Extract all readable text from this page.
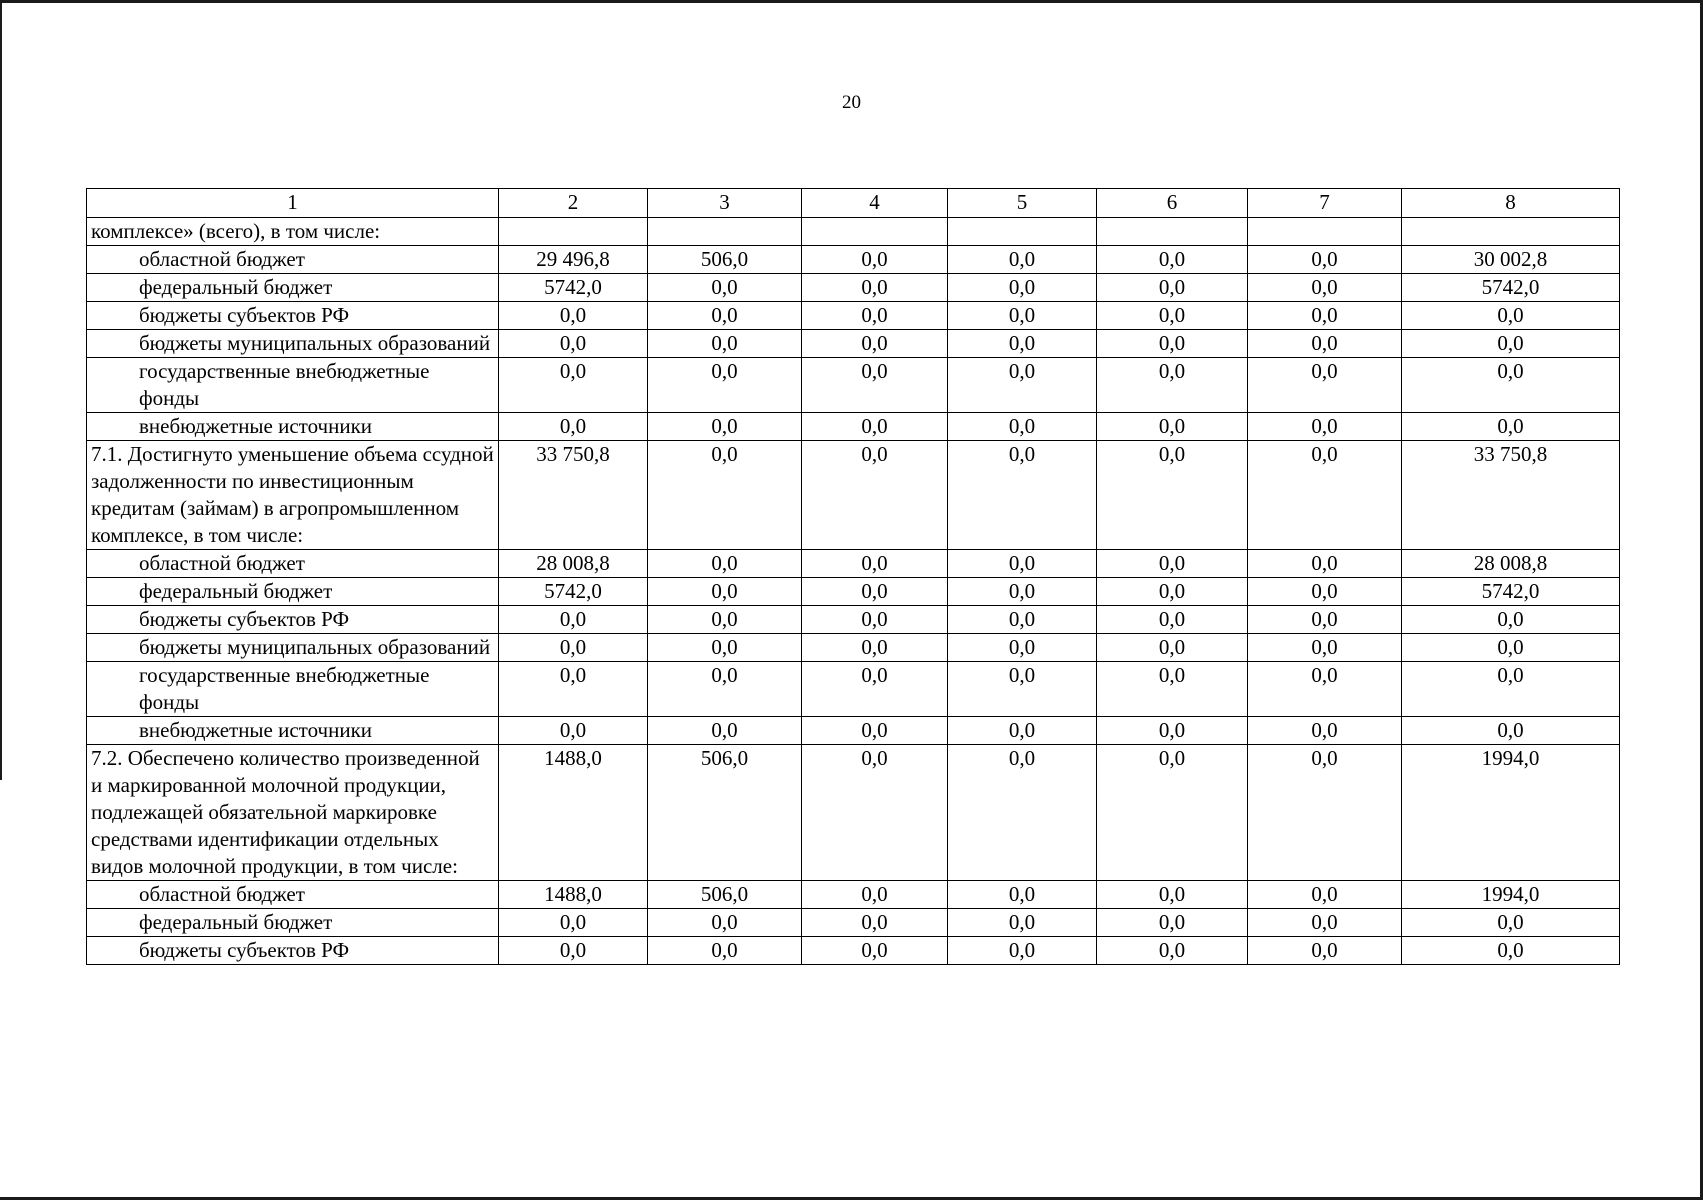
20
1	2	3	4	5	6	7	8
комплексе» (всего), в том числе:							
областной бюджет	29 496,8	506,0	0,0	0,0	0,0	0,0	30 002,8
федеральный бюджет	5742,0	0,0	0,0	0,0	0,0	0,0	5742,0
бюджеты субъектов РФ	0,0	0,0	0,0	0,0	0,0	0,0	0,0
бюджеты муниципальных образований	0,0	0,0	0,0	0,0	0,0	0,0	0,0
государственные внебюджетные фонды	0,0	0,0	0,0	0,0	0,0	0,0	0,0
внебюджетные источники	0,0	0,0	0,0	0,0	0,0	0,0	0,0
7.1. Достигнуто уменьшение объема ссудной задолженности по инвестиционным кредитам (займам) в агропромышленном комплексе, в том числе:	33 750,8	0,0	0,0	0,0	0,0	0,0	33 750,8
областной бюджет	28 008,8	0,0	0,0	0,0	0,0	0,0	28 008,8
федеральный бюджет	5742,0	0,0	0,0	0,0	0,0	0,0	5742,0
бюджеты субъектов РФ	0,0	0,0	0,0	0,0	0,0	0,0	0,0
бюджеты муниципальных образований	0,0	0,0	0,0	0,0	0,0	0,0	0,0
государственные внебюджетные фонды	0,0	0,0	0,0	0,0	0,0	0,0	0,0
внебюджетные источники	0,0	0,0	0,0	0,0	0,0	0,0	0,0
7.2. Обеспечено количество произведенной и маркированной молочной продукции, подлежащей обязательной маркировке средствами идентификации отдельных видов молочной продукции, в том числе:	1488,0	506,0	0,0	0,0	0,0	0,0	1994,0
областной бюджет	1488,0	506,0	0,0	0,0	0,0	0,0	1994,0
федеральный бюджет	0,0	0,0	0,0	0,0	0,0	0,0	0,0
бюджеты субъектов РФ	0,0	0,0	0,0	0,0	0,0	0,0	0,0
